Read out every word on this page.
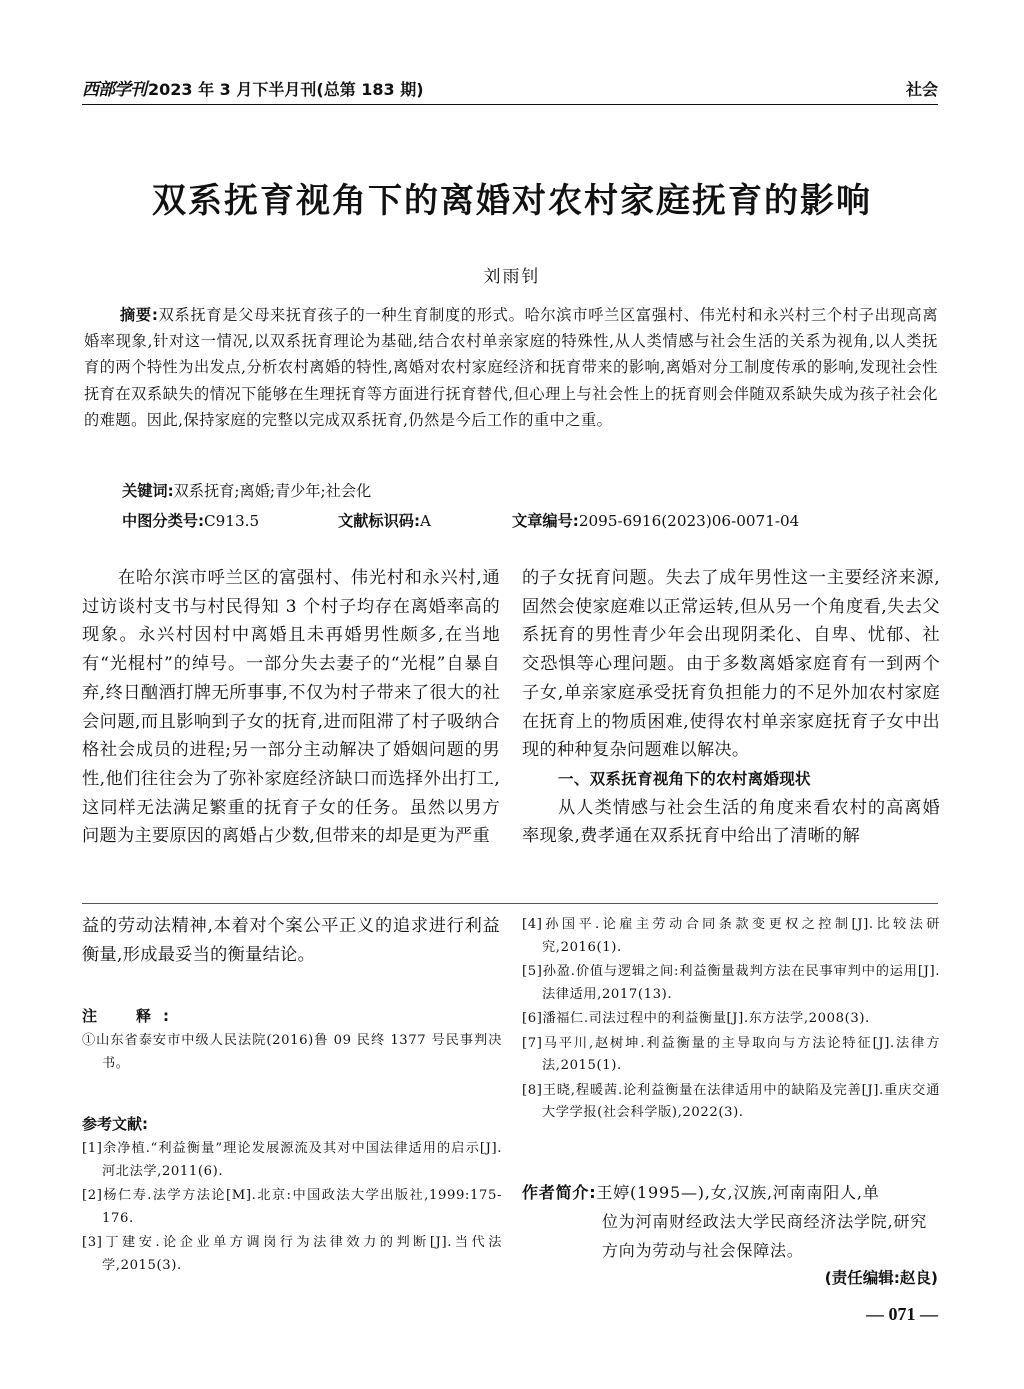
西部学刊 2023 年 3 月下半月刊(总第 183 期)	社会
双系抚育视角下的离婚对农村家庭抚育的影响
刘雨钊
摘要:双系抚育是父母来抚育孩子的一种生育制度的形式。哈尔滨市呼兰区富强村、伟光村和永兴村三个村子出现高离婚率现象,针对这一情况,以双系抚育理论为基础,结合农村单亲家庭的特殊性,从人类情感与社会生活的关系为视角,以人类抚育的两个特性为出发点,分析农村离婚的特性,离婚对农村家庭经济和抚育带来的影响,离婚对分工制度传承的影响,发现社会性抚育在双系缺失的情况下能够在生理抚育等方面进行抚育替代,但心理上与社会性上的抚育则会伴随双系缺失成为孩子社会化的难题。因此,保持家庭的完整以完成双系抚育,仍然是今后工作的重中之重。
关键词:双系抚育;离婚;青少年;社会化
中图分类号:C913.5	文献标识码:A	文章编号:2095-6916(2023)06-0071-04

在哈尔滨市呼兰区的富强村、伟光村和永兴村,通过访谈村支书与村民得知 3 个村子均存在离婚率高的现象。永兴村因村中离婚且未再婚男性颇多,在当地有“光棍村”的绰号。一部分失去妻子的“光棍”自暴自弃,终日酗酒打牌无所事事,不仅为村子带来了很大的社会问题,而且影响到子女的抚育,进而阻滞了村子吸纳合格社会成员的进程;另一部分主动解决了婚姻问题的男性,他们往往会为了弥补家庭经济缺口而选择外出打工,这同样无法满足繁重的抚育子女的任务。虽然以男方问题为主要原因的离婚占少数,但带来的却是更为严重

的子女抚育问题。失去了成年男性这一主要经济来源,固然会使家庭难以正常运转,但从另一个角度看,失去父系抚育的男性青少年会出现阴柔化、自卑、忧郁、社交恐惧等心理问题。由于多数离婚家庭育有一到两个子女,单亲家庭承受抚育负担能力的不足外加农村家庭在抚育上的物质困难,使得农村单亲家庭抚育子女中出现的种种复杂问题难以解决。

一、双系抚育视角下的农村离婚现状

从人类情感与社会生活的角度来看农村的高离婚率现象,费孝通在双系抚育中给出了清晰的解

益的劳动法精神,本着对个案公平正义的追求进行利益衡量,形成最妥当的衡量结论。

注　释:
①山东省泰安市中级人民法院(2016)鲁 09 民终 1377 号民事判决书。
参考文献:
[1]余净植.“利益衡量”理论发展源流及其对中国法律适用的启示[J].河北法学,2011(6).
[2]杨仁寿.法学方法论[M].北京:中国政法大学出版社,1999:175-176.
[3]丁建安.论企业单方调岗行为法律效力的判断[J].当代法学,2015(3).
[4]孙国平.论雇主劳动合同条款变更权之控制[J].比较法研究,2016(1).
[5]孙盈.价值与逻辑之间:利益衡量裁判方法在民事审判中的运用[J].法律适用,2017(13).
[6]潘福仁.司法过程中的利益衡量[J].东方法学,2008(3).
[7]马平川,赵树坤.利益衡量的主导取向与方法论特征[J].法律方法,2015(1).
[8]王晓,程暖茜.论利益衡量在法律适用中的缺陷及完善[J].重庆交通大学学报(社会科学版),2022(3).
作者简介:王婷(1995—),女,汉族,河南南阳人,单
位为河南财经政法大学民商经济法学院,研究方向为劳动与社会保障法。
(责任编辑:赵良)
— 071 —
